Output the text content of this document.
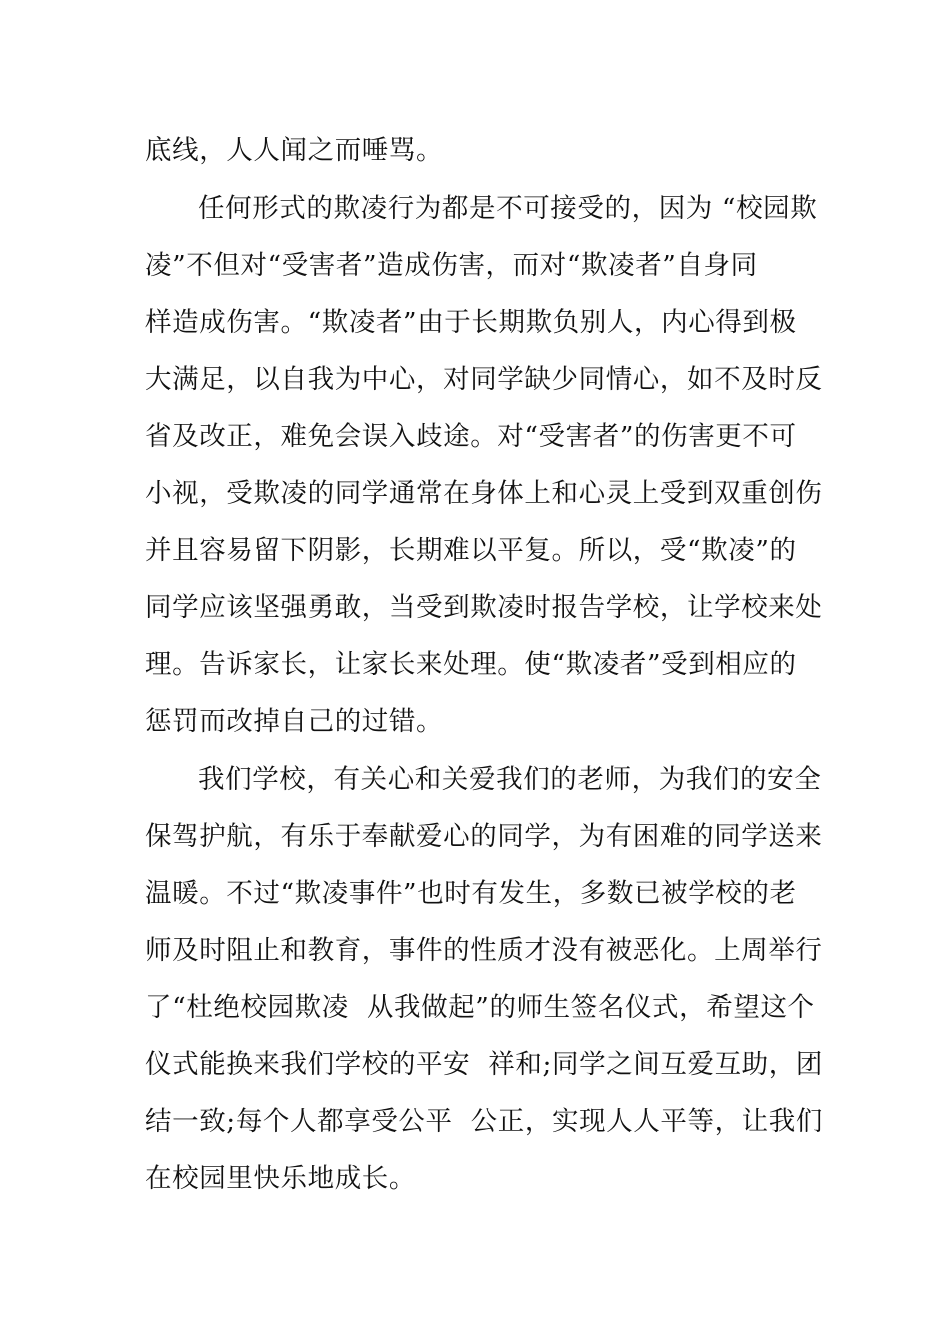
底线，人人闻之而唾骂。
任何形式的欺凌行为都是不可接受的，因为 “校园欺
凌”不但对“受害者”造成伤害，而对“欺凌者”自身同
样造成伤害。“欺凌者”由于长期欺负别人，内心得到极
大满足，以自我为中心，对同学缺少同情心，如不及时反
省及改正，难免会误入歧途。对“受害者”的伤害更不可
小视，受欺凌的同学通常在身体上和心灵上受到双重创伤
并且容易留下阴影，长期难以平复。所以，受“欺凌”的
同学应该坚强勇敢，当受到欺凌时报告学校，让学校来处
理。告诉家长，让家长来处理。使“欺凌者”受到相应的
惩罚而改掉自己的过错。
我们学校，有关心和关爱我们的老师，为我们的安全
保驾护航，有乐于奉献爱心的同学，为有困难的同学送来
温暖。不过“欺凌事件”也时有发生，多数已被学校的老
师及时阻止和教育，事件的性质才没有被恶化。上周举行
了“杜绝校园欺凌  从我做起”的师生签名仪式，希望这个
仪式能换来我们学校的平安  祥和;同学之间互爱互助，团
结一致;每个人都享受公平  公正，实现人人平等，让我们
在校园里快乐地成长。
